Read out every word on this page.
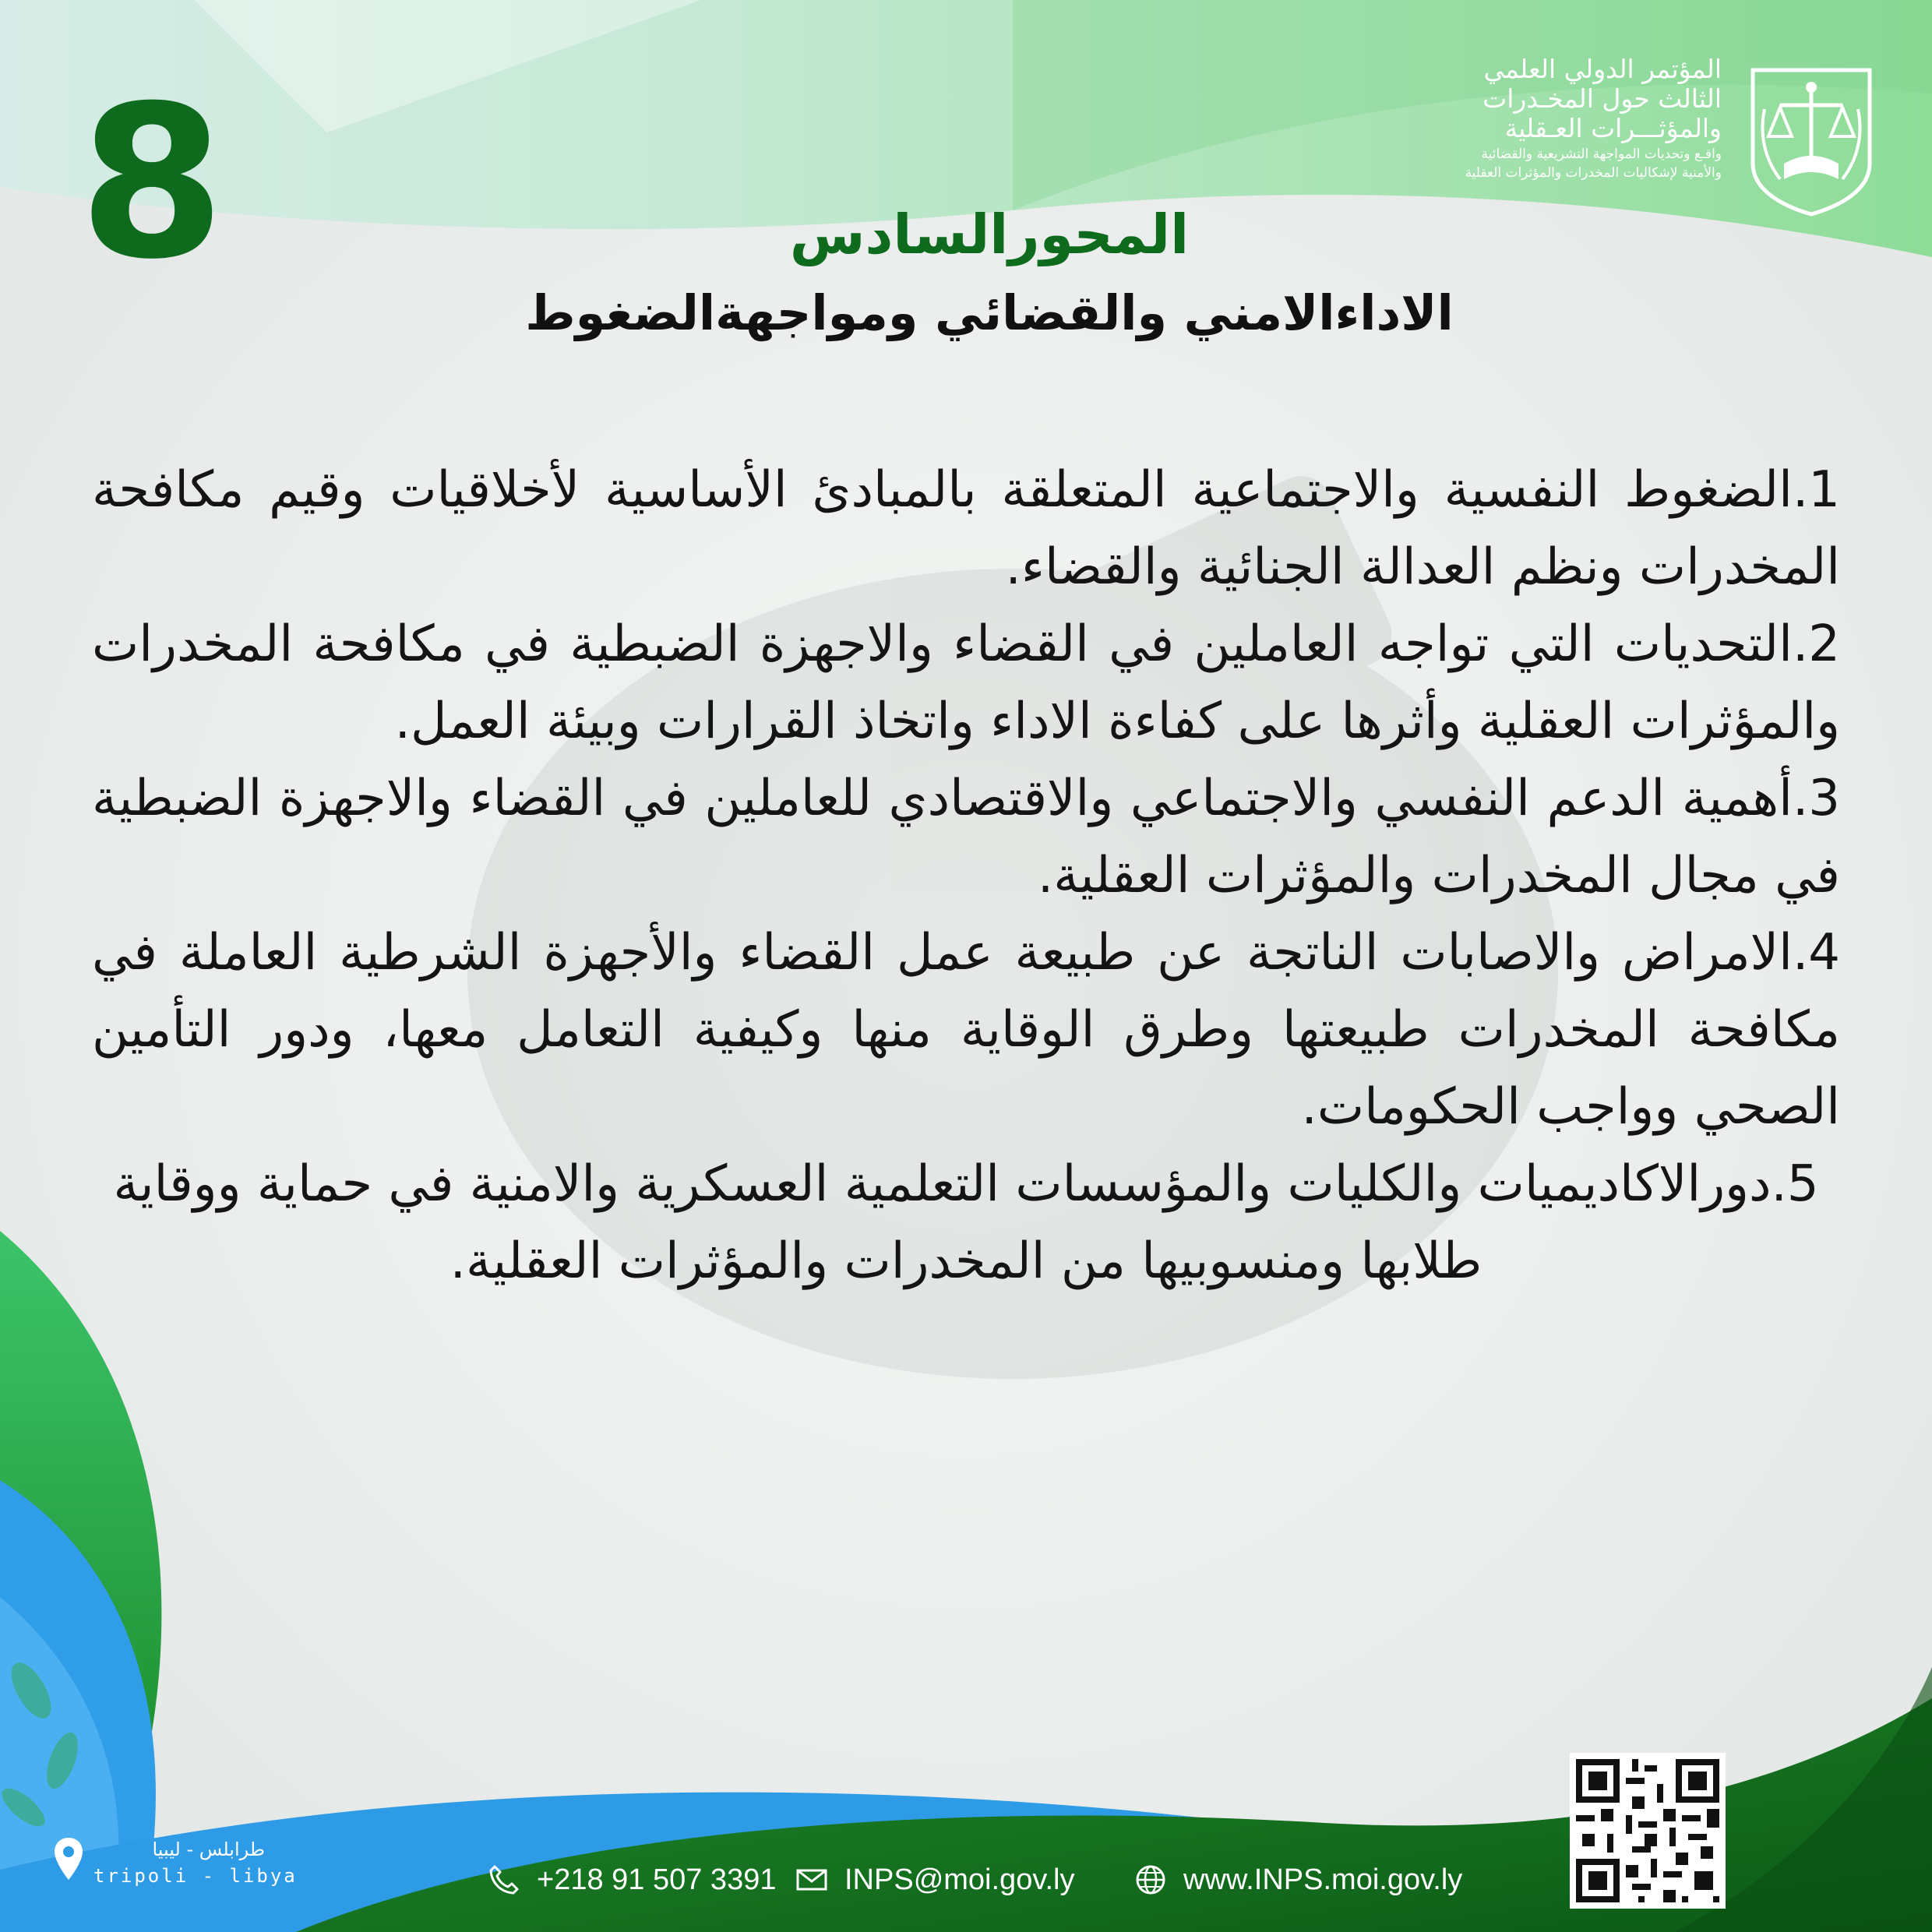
8	المؤتمر الدولي العلمي
الثالث حول المخـدرات
والمؤثـــرات العـقلية
واقـع وتحديات المواجهة التشريعية والقضائية
والأمنية لإشكاليات المخدرات والمؤثرات العقلية
المحورالسادس
الاداءالامني والقضائي ومواجهةالضغوط

1.الضغوط النفسية والاجتماعية المتعلقة بالمبادئ الأساسية لأخلاقيات وقيم مكافحة المخدرات ونظم العدالة الجنائية والقضاء.

2.التحديات التي تواجه العاملين في القضاء والاجهزة الضبطية في مكافحة المخدرات والمؤثرات العقلية وأثرها على كفاءة الاداء واتخاذ القرارات وبيئة العمل.

3.أهمية الدعم النفسي والاجتماعي والاقتصادي للعاملين في القضاء والاجهزة الضبطية في مجال المخدرات والمؤثرات العقلية.

4.الامراض والاصابات الناتجة عن طبيعة عمل القضاء والأجهزة الشرطية العاملة في مكافحة المخدرات طبيعتها وطرق الوقاية منها وكيفية التعامل معها، ودور التأمين الصحي وواجب الحكومات.

5.دورالاكاديميات والكليات والمؤسسات التعلمية العسكرية والامنية في حماية ووقاية طلابها ومنسوبيها من المخدرات والمؤثرات العقلية.

طرابلس - ليبيا
tripoli - libya	+218 91 507 3391 INPS@moi.gov.ly	www.INPS.moi.gov.ly
